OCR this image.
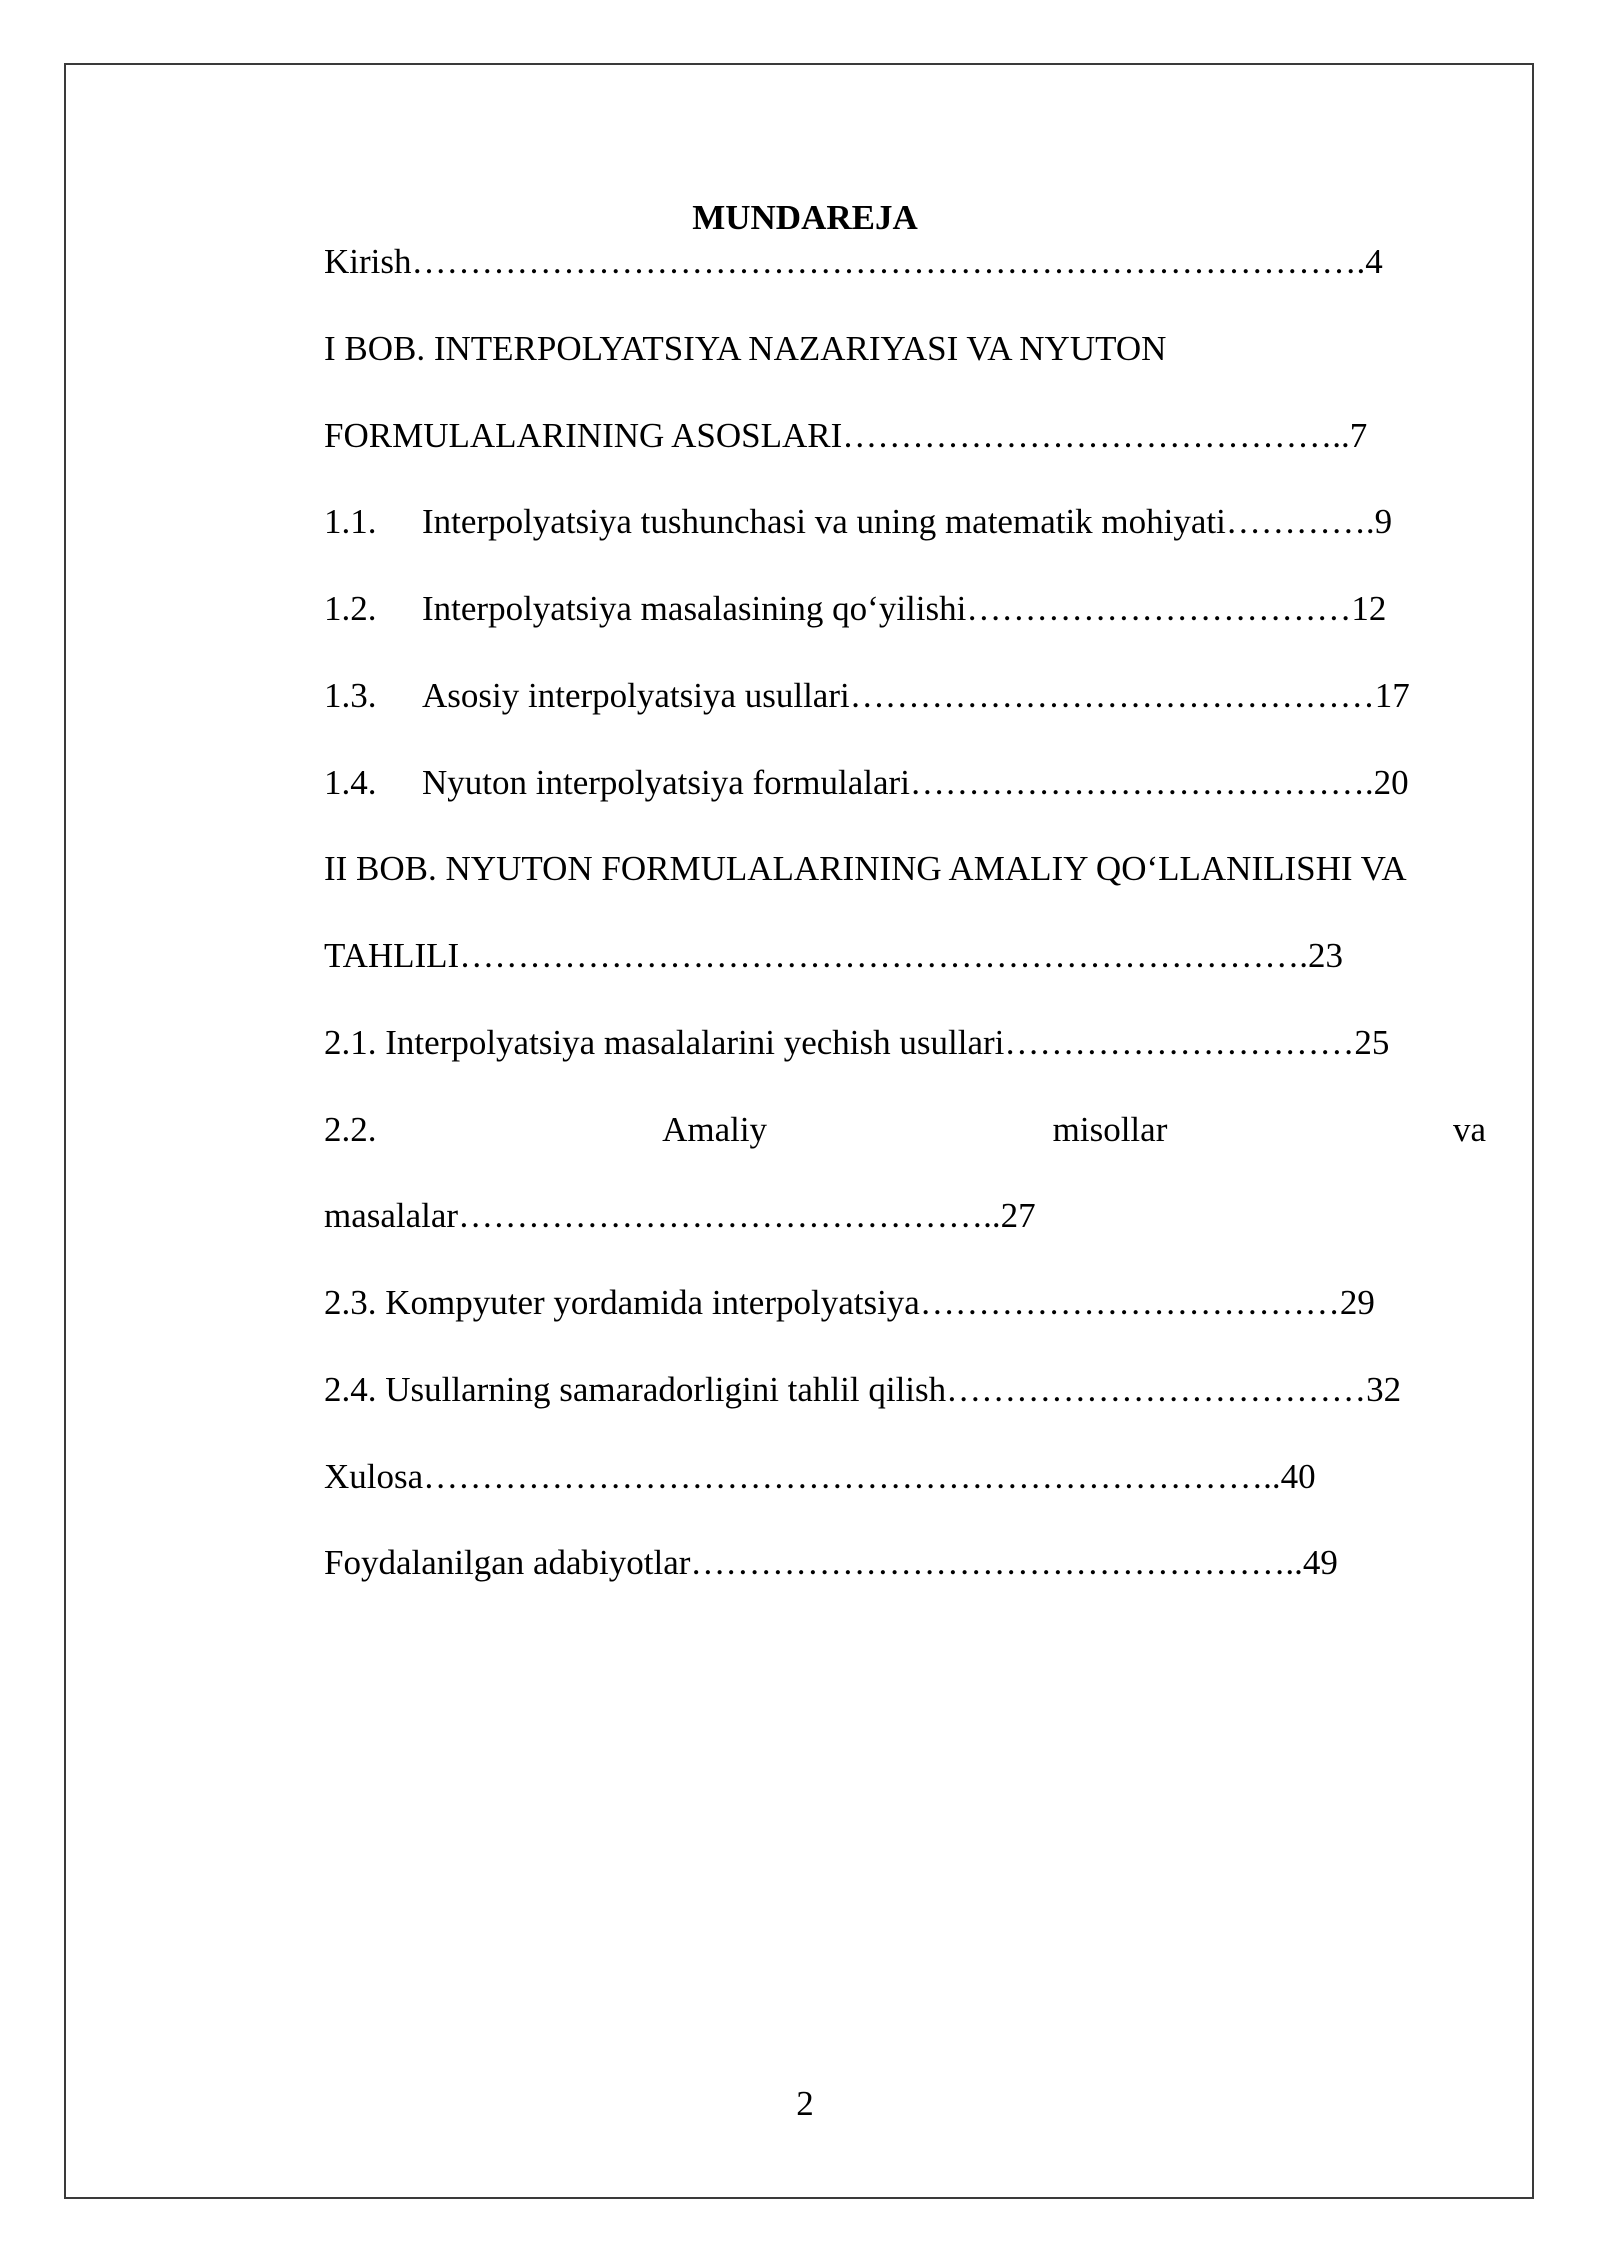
MUNDAREJA

Kirish……………………………………………………………………….4

I BOB. INTERPOLYATSIYA NAZARIYASI VA NYUTON

FORMULALARINING ASOSLARI……………………………………..7

1.1. Interpolyatsiya tushunchasi va uning matematik mohiyati………….9

1.2. Interpolyatsiya masalasining qo‘yilishi……………………………12

1.3. Asosiy interpolyatsiya usullari………………………………………17

1.4. Nyuton interpolyatsiya formulalari………………………………….20

II BOB. NYUTON FORMULALARINING AMALIY QO‘LLANILISHI VA

TAHLILI……………………………………………………………….23

2.1. Interpolyatsiya masalalarini yechish usullari…………………………25

2.2.	Amaliy	misollar	va

masalalar………………………………………..27

2.3. Kompyuter yordamida interpolyatsiya………………………………29

2.4. Usullarning samaradorligini tahlil qilish………………………………32

Xulosa………………………………………………………………..40

Foydalanilgan adabiyotlar……………………………………………..49

2
